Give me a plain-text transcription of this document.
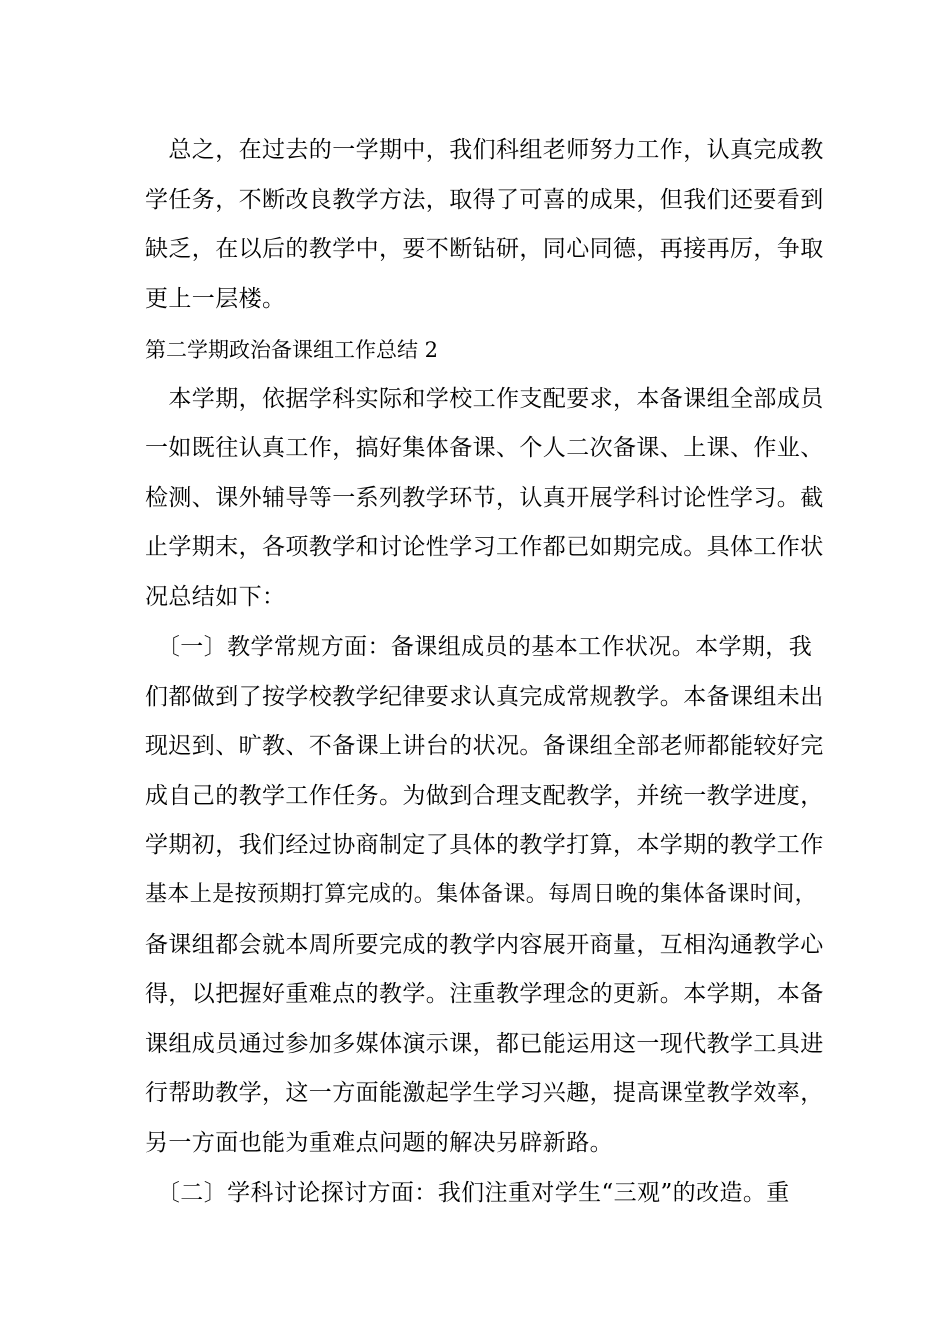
　总之，在过去的一学期中，我们科组老师努力工作，认真完成教
学任务，不断改良教学方法，取得了可喜的成果，但我们还要看到
缺乏，在以后的教学中，要不断钻研，同心同德，再接再厉，争取
更上一层楼。
第二学期政治备课组工作总结 2
　本学期，依据学科实际和学校工作支配要求，本备课组全部成员
一如既往认真工作，搞好集体备课、个人二次备课、上课、作业、
检测、课外辅导等一系列教学环节，认真开展学科讨论性学习。截
止学期末，各项教学和讨论性学习工作都已如期完成。具体工作状
况总结如下：
　〔一〕教学常规方面：备课组成员的基本工作状况。本学期，我
们都做到了按学校教学纪律要求认真完成常规教学。本备课组未出
现迟到、旷教、不备课上讲台的状况。备课组全部老师都能较好完
成自己的教学工作任务。为做到合理支配教学，并统一教学进度，
学期初，我们经过协商制定了具体的教学打算，本学期的教学工作
基本上是按预期打算完成的。集体备课。每周日晚的集体备课时间，
备课组都会就本周所要完成的教学内容展开商量，互相沟通教学心
得，以把握好重难点的教学。注重教学理念的更新。本学期，本备
课组成员通过参加多媒体演示课，都已能运用这一现代教学工具进
行帮助教学，这一方面能激起学生学习兴趣，提高课堂教学效率，
另一方面也能为重难点问题的解决另辟新路。
　〔二〕学科讨论探讨方面：我们注重对学生“三观”的改造。重
